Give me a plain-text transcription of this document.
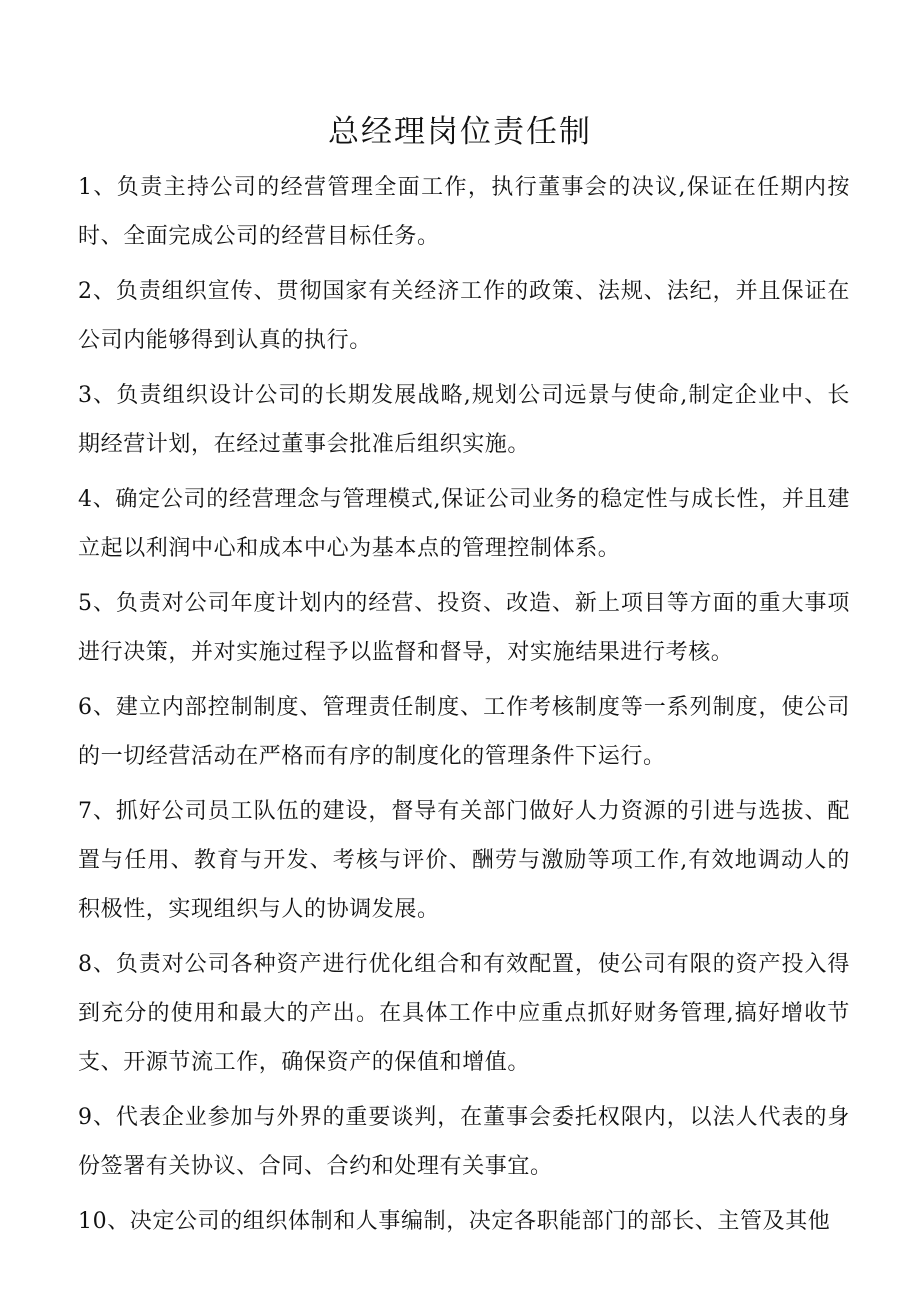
总经理岗位责任制

1、负责主持公司的经营管理全面工作，执行董事会的决议,保证在任期内按时、全面完成公司的经营目标任务。

2、负责组织宣传、贯彻国家有关经济工作的政策、法规、法纪，并且保证在公司内能够得到认真的执行。

3、负责组织设计公司的长期发展战略,规划公司远景与使命,制定企业中、长期经营计划，在经过董事会批准后组织实施。

4、确定公司的经营理念与管理模式,保证公司业务的稳定性与成长性，并且建立起以利润中心和成本中心为基本点的管理控制体系。

5、负责对公司年度计划内的经营、投资、改造、新上项目等方面的重大事项进行决策，并对实施过程予以监督和督导，对实施结果进行考核。

6、建立内部控制制度、管理责任制度、工作考核制度等一系列制度，使公司的一切经营活动在严格而有序的制度化的管理条件下运行。

7、抓好公司员工队伍的建设，督导有关部门做好人力资源的引进与选拔、配置与任用、教育与开发、考核与评价、酬劳与激励等项工作,有效地调动人的积极性，实现组织与人的协调发展。

8、负责对公司各种资产进行优化组合和有效配置，使公司有限的资产投入得到充分的使用和最大的产出。在具体工作中应重点抓好财务管理,搞好增收节支、开源节流工作，确保资产的保值和增值。

9、代表企业参加与外界的重要谈判，在董事会委托权限内，以法人代表的身份签署有关协议、合同、合约和处理有关事宜。

10、决定公司的组织体制和人事编制，决定各职能部门的部长、主管及其他
